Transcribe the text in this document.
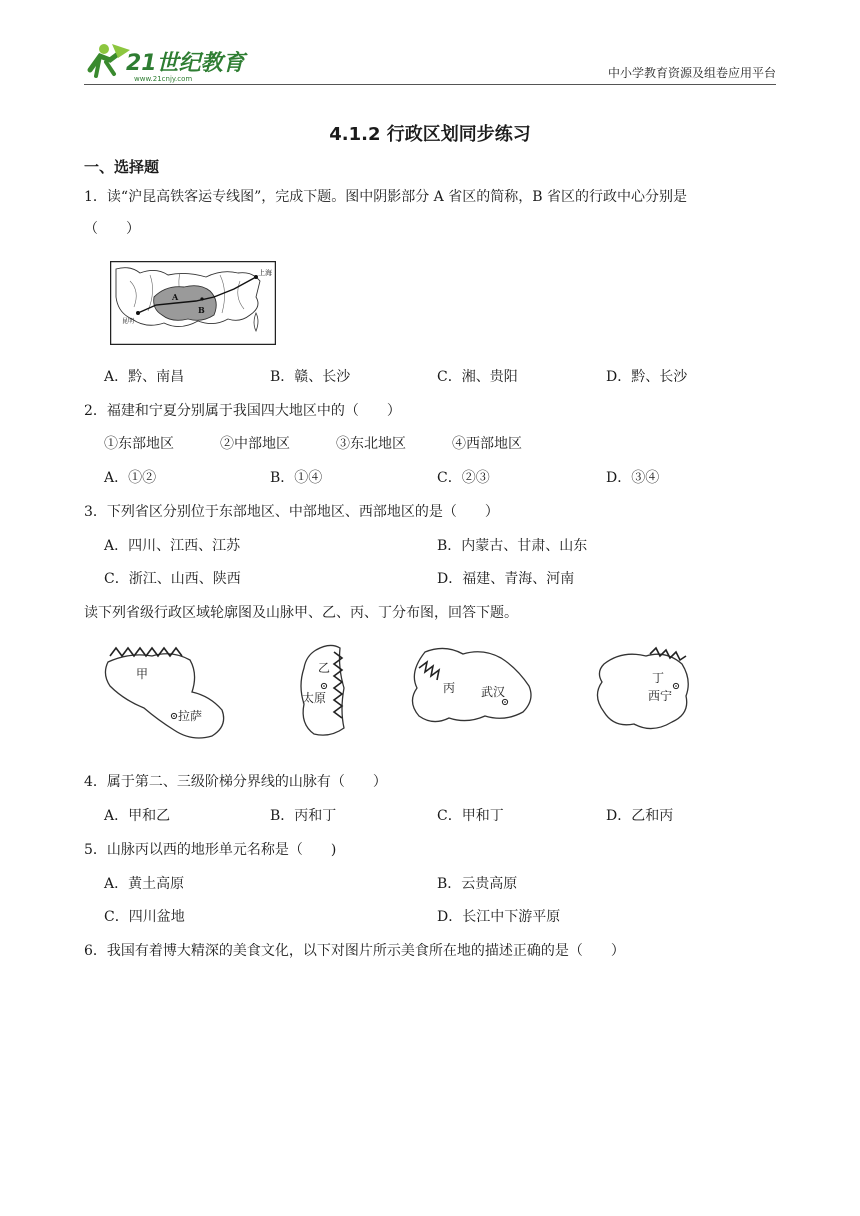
21世纪教育
www.21cnjy.com	中小学教育资源及组卷应用平台
4.1.2 行政区划同步练习
一、选择题
1．读“沪昆高铁客运专线图”，完成下题。图中阴影部分 A 省区的简称，B 省区的行政中心分别是
（　　）
上海
A
B
昆明
A．黔、南昌	B．赣、长沙	C．湘、贵阳	D．黔、长沙
2．福建和宁夏分别属于我国四大地区中的（　　）
①东部地区	②中部地区	③东北地区	④西部地区
A．①②	B．①④	C．②③	D．③④
3．下列省区分别位于东部地区、中部地区、西部地区的是（　　）
A．四川、江西、江苏	B．内蒙古、甘肃、山东
C．浙江、山西、陕西	D．福建、青海、河南
读下列省级行政区域轮廓图及山脉甲、乙、丙、丁分布图，回答下题。
甲
拉萨
乙
太原
丙 武汉
丁
西宁
4．属于第二、三级阶梯分界线的山脉有（　　）
A．甲和乙	B．丙和丁	C．甲和丁	D．乙和丙
5．山脉丙以西的地形单元名称是（　　)
A．黄土高原	B．云贵高原
C．四川盆地	D．长江中下游平原
6．我国有着博大精深的美食文化，以下对图片所示美食所在地的描述正确的是（　　）
